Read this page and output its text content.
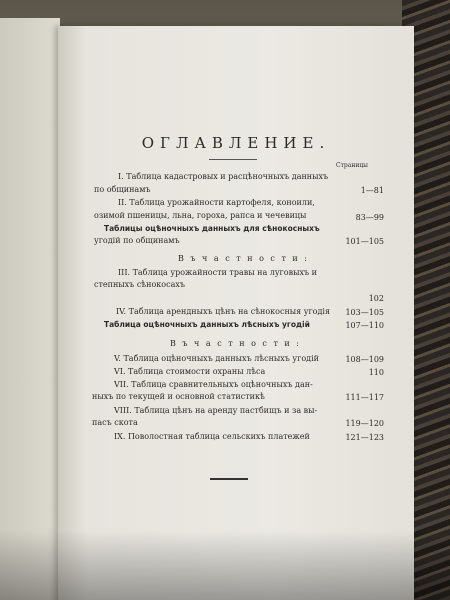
ОГЛАВЛЕНИЕ.
Страницы
I. Таблица кадастровых и расцѣночныхъ данныхъ
по общинамъ	1—81
II. Таблица урожайности картофеля, коноили,
озимой пшеницы, льна, гороха, рапса и чечевицы	83—99
Таблицы оцѣночныхъ данныхъ для сѣнокосныхъ
угодій по общинамъ	101—105
В ъ ч а с т н о с т и :
III. Таблица урожайности травы на луговыхъ и
степныхъ сѣнокосахъ
102
IV. Таблица арендныхъ цѣнъ на сѣнокосныя угодія	103—105
Таблица оцѣночныхъ данныхъ лѣсныхъ угодій	107—110
В ъ ч а с т н о с т и :
V. Таблица оцѣночныхъ данныхъ лѣсныхъ угодій	108—109
VI. Таблица стоимости охраны лѣса	110
VII. Таблица сравнительныхъ оцѣночныхъ дан-
ныхъ по текущей и основной статистикѣ	111—117
VIII. Таблица цѣнъ на аренду пастбищъ и за вы-
пасъ скота	119—120
IX. Поволостная таблица сельскихъ платежей	121—123
